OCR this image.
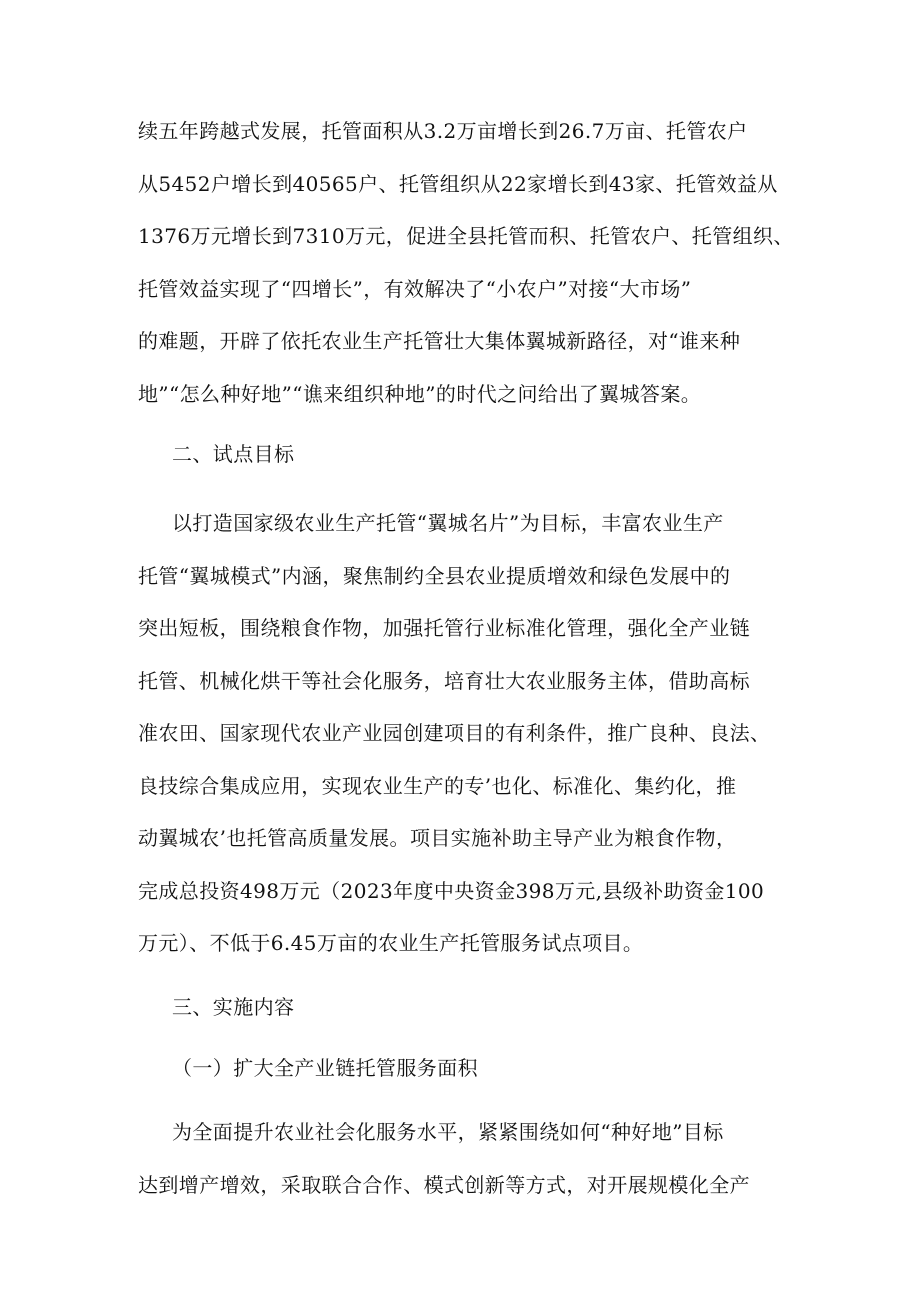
续五年跨越式发展，托管面积从3.2万亩增长到26.7万亩、托管农户
从5452户增长到40565户、托管组织从22家增长到43家、托管效益从
1376万元增长到7310万元，促进全县托管而积、托管农户、托管组织、
托管效益实现了“四增长”，有效解决了“小农户”对接“大市场”
的难题，开辟了依托农业生产托管壮大集体翼城新路径，对“谁来种
地”“怎么种好地”“谯来组织种地”的时代之问给出了翼城答案。
二、试点目标
以打造国家级农业生产托管“翼城名片”为目标，丰富农业生产
托管“翼城模式”内涵，聚焦制约全县农业提质增效和绿色发展中的
突出短板，围绕粮食作物，加强托管行业标准化管理，强化全产业链
托管、机械化烘干等社会化服务，培育壮大农业服务主体，借助高标
准农田、国家现代农业产业园创建项目的有利条件，推广良种、良法、
良技综合集成应用，实现农业生产的专’也化、标准化、集约化，推
动翼城农’也托管高质量发展。项目实施补助主导产业为粮食作物，
完成总投资498万元（2023年度中央资金398万元,县级补助资金100
万元）、不低于6.45万亩的农业生产托管服务试点项目。
三、实施内容
（一）扩大全产业链托管服务面积
为全面提升农业社会化服务水平，紧紧围绕如何“种好地”目标
达到增产增效，采取联合合作、模式创新等方式，对开展规模化全产
